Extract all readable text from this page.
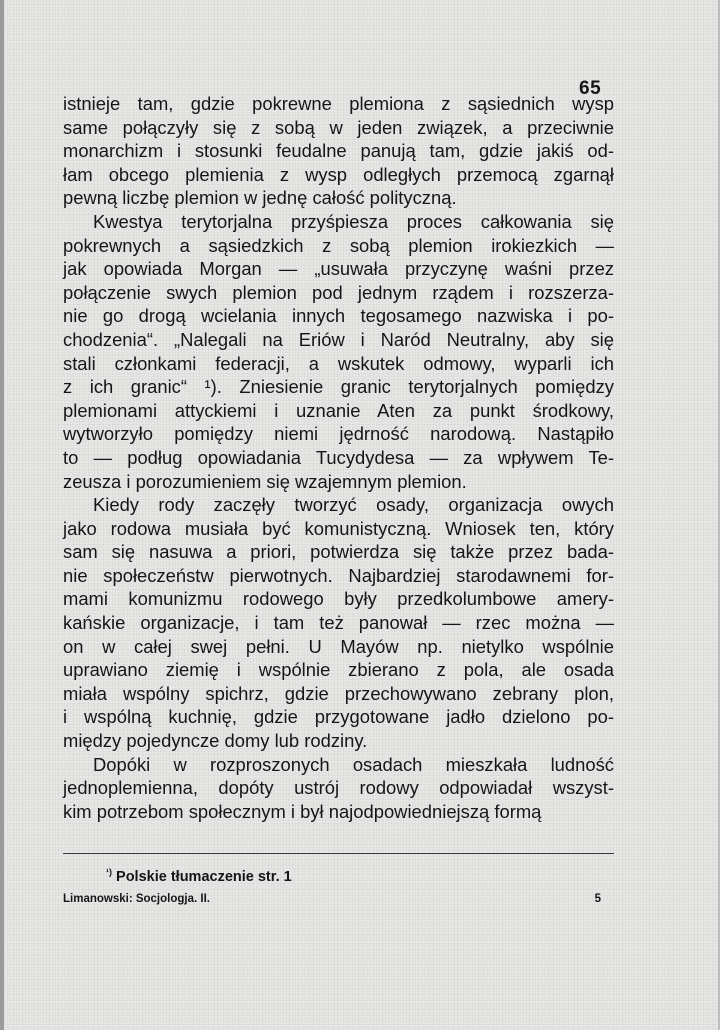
65
istnieje tam, gdzie pokrewne plemiona z sąsiednich wysp
same połączyły się z sobą w jeden związek, a przeciwnie
monarchizm i stosunki feudalne panują tam, gdzie jakiś od-
łam obcego plemienia z wysp odległych przemocą zgarnął
pewną liczbę plemion w jednę całość polityczną.
Kwestya terytorjalna przyśpiesza proces całkowania się
pokrewnych a sąsiedzkich z sobą plemion irokiezkich —
jak opowiada Morgan — „usuwała przyczynę waśni przez
połączenie swych plemion pod jednym rządem i rozszerza-
nie go drogą wcielania innych tegosamego nazwiska i po-
chodzenia“. „Nalegali na Eriów i Naród Neutralny, aby się
stali członkami federacji, a wskutek odmowy, wyparli ich
z ich granic“ ¹). Zniesienie granic terytorjalnych pomiędzy
plemionami attyckiemi i uznanie Aten za punkt środkowy,
wytworzyło pomiędzy niemi jędrność narodową. Nastąpiło
to — podług opowiadania Tucydydesa — za wpływem Te-
zeusza i porozumieniem się wzajemnym plemion.
Kiedy rody zaczęły tworzyć osady, organizacja owych
jako rodowa musiała być komunistyczną. Wniosek ten, który
sam się nasuwa a priori, potwierdza się także przez bada-
nie społeczeństw pierwotnych. Najbardziej starodawnemi for-
mami komunizmu rodowego były przedkolumbowe amery-
kańskie organizacje, i tam też panował — rzec można —
on w całej swej pełni. U Mayów np. nietylko wspólnie
uprawiano ziemię i wspólnie zbierano z pola, ale osada
miała wspólny spichrz, gdzie przechowywano zebrany plon,
i wspólną kuchnię, gdzie przygotowane jadło dzielono po-
między pojedyncze domy lub rodziny.
Dopóki w rozproszonych osadach mieszkała ludność
jednoplemienna, dopóty ustrój rodowy odpowiadał wszyst-
kim potrzebom społecznym i był najodpowiedniejszą formą
$^{^1)}$ Polskie tłumaczenie str. 1
Limanowski: Socjologja. II.	5
